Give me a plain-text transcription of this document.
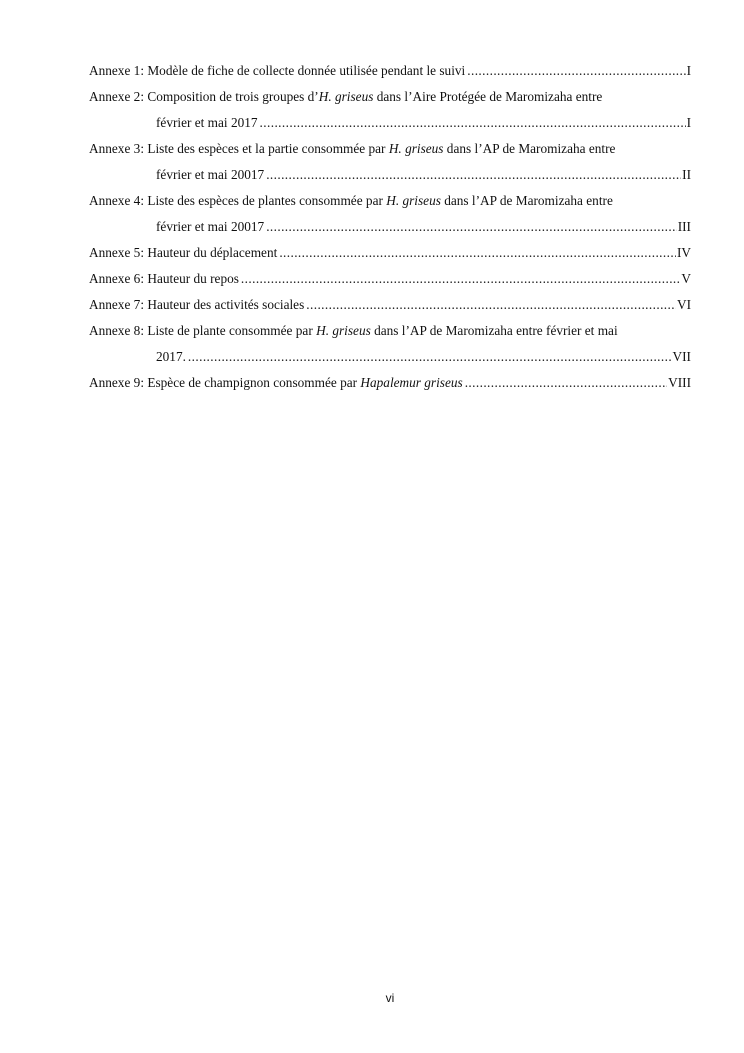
Annexe 1: Modèle de fiche de collecte donnée utilisée pendant le suivi .....	I
Annexe 2: Composition de trois groupes d’H. griseus dans l’Aire Protégée de Maromizaha entre
février et mai 2017 .....	I
Annexe 3: Liste des espèces et la partie consommée par H. griseus dans l’AP de Maromizaha entre
février et mai 20017 .....	II
Annexe 4: Liste des espèces de plantes consommée par H. griseus dans l’AP de Maromizaha entre
février et mai 20017 .....	III
Annexe 5: Hauteur du déplacement .....	IV
Annexe 6: Hauteur du repos .....	V
Annexe 7: Hauteur des activités sociales .....	VI
Annexe 8: Liste de plante consommée par H. griseus dans l’AP de Maromizaha entre février et mai
2017. .....	VII
Annexe 9: Espèce de champignon consommée par Hapalemur griseus .....	VIII
vi
